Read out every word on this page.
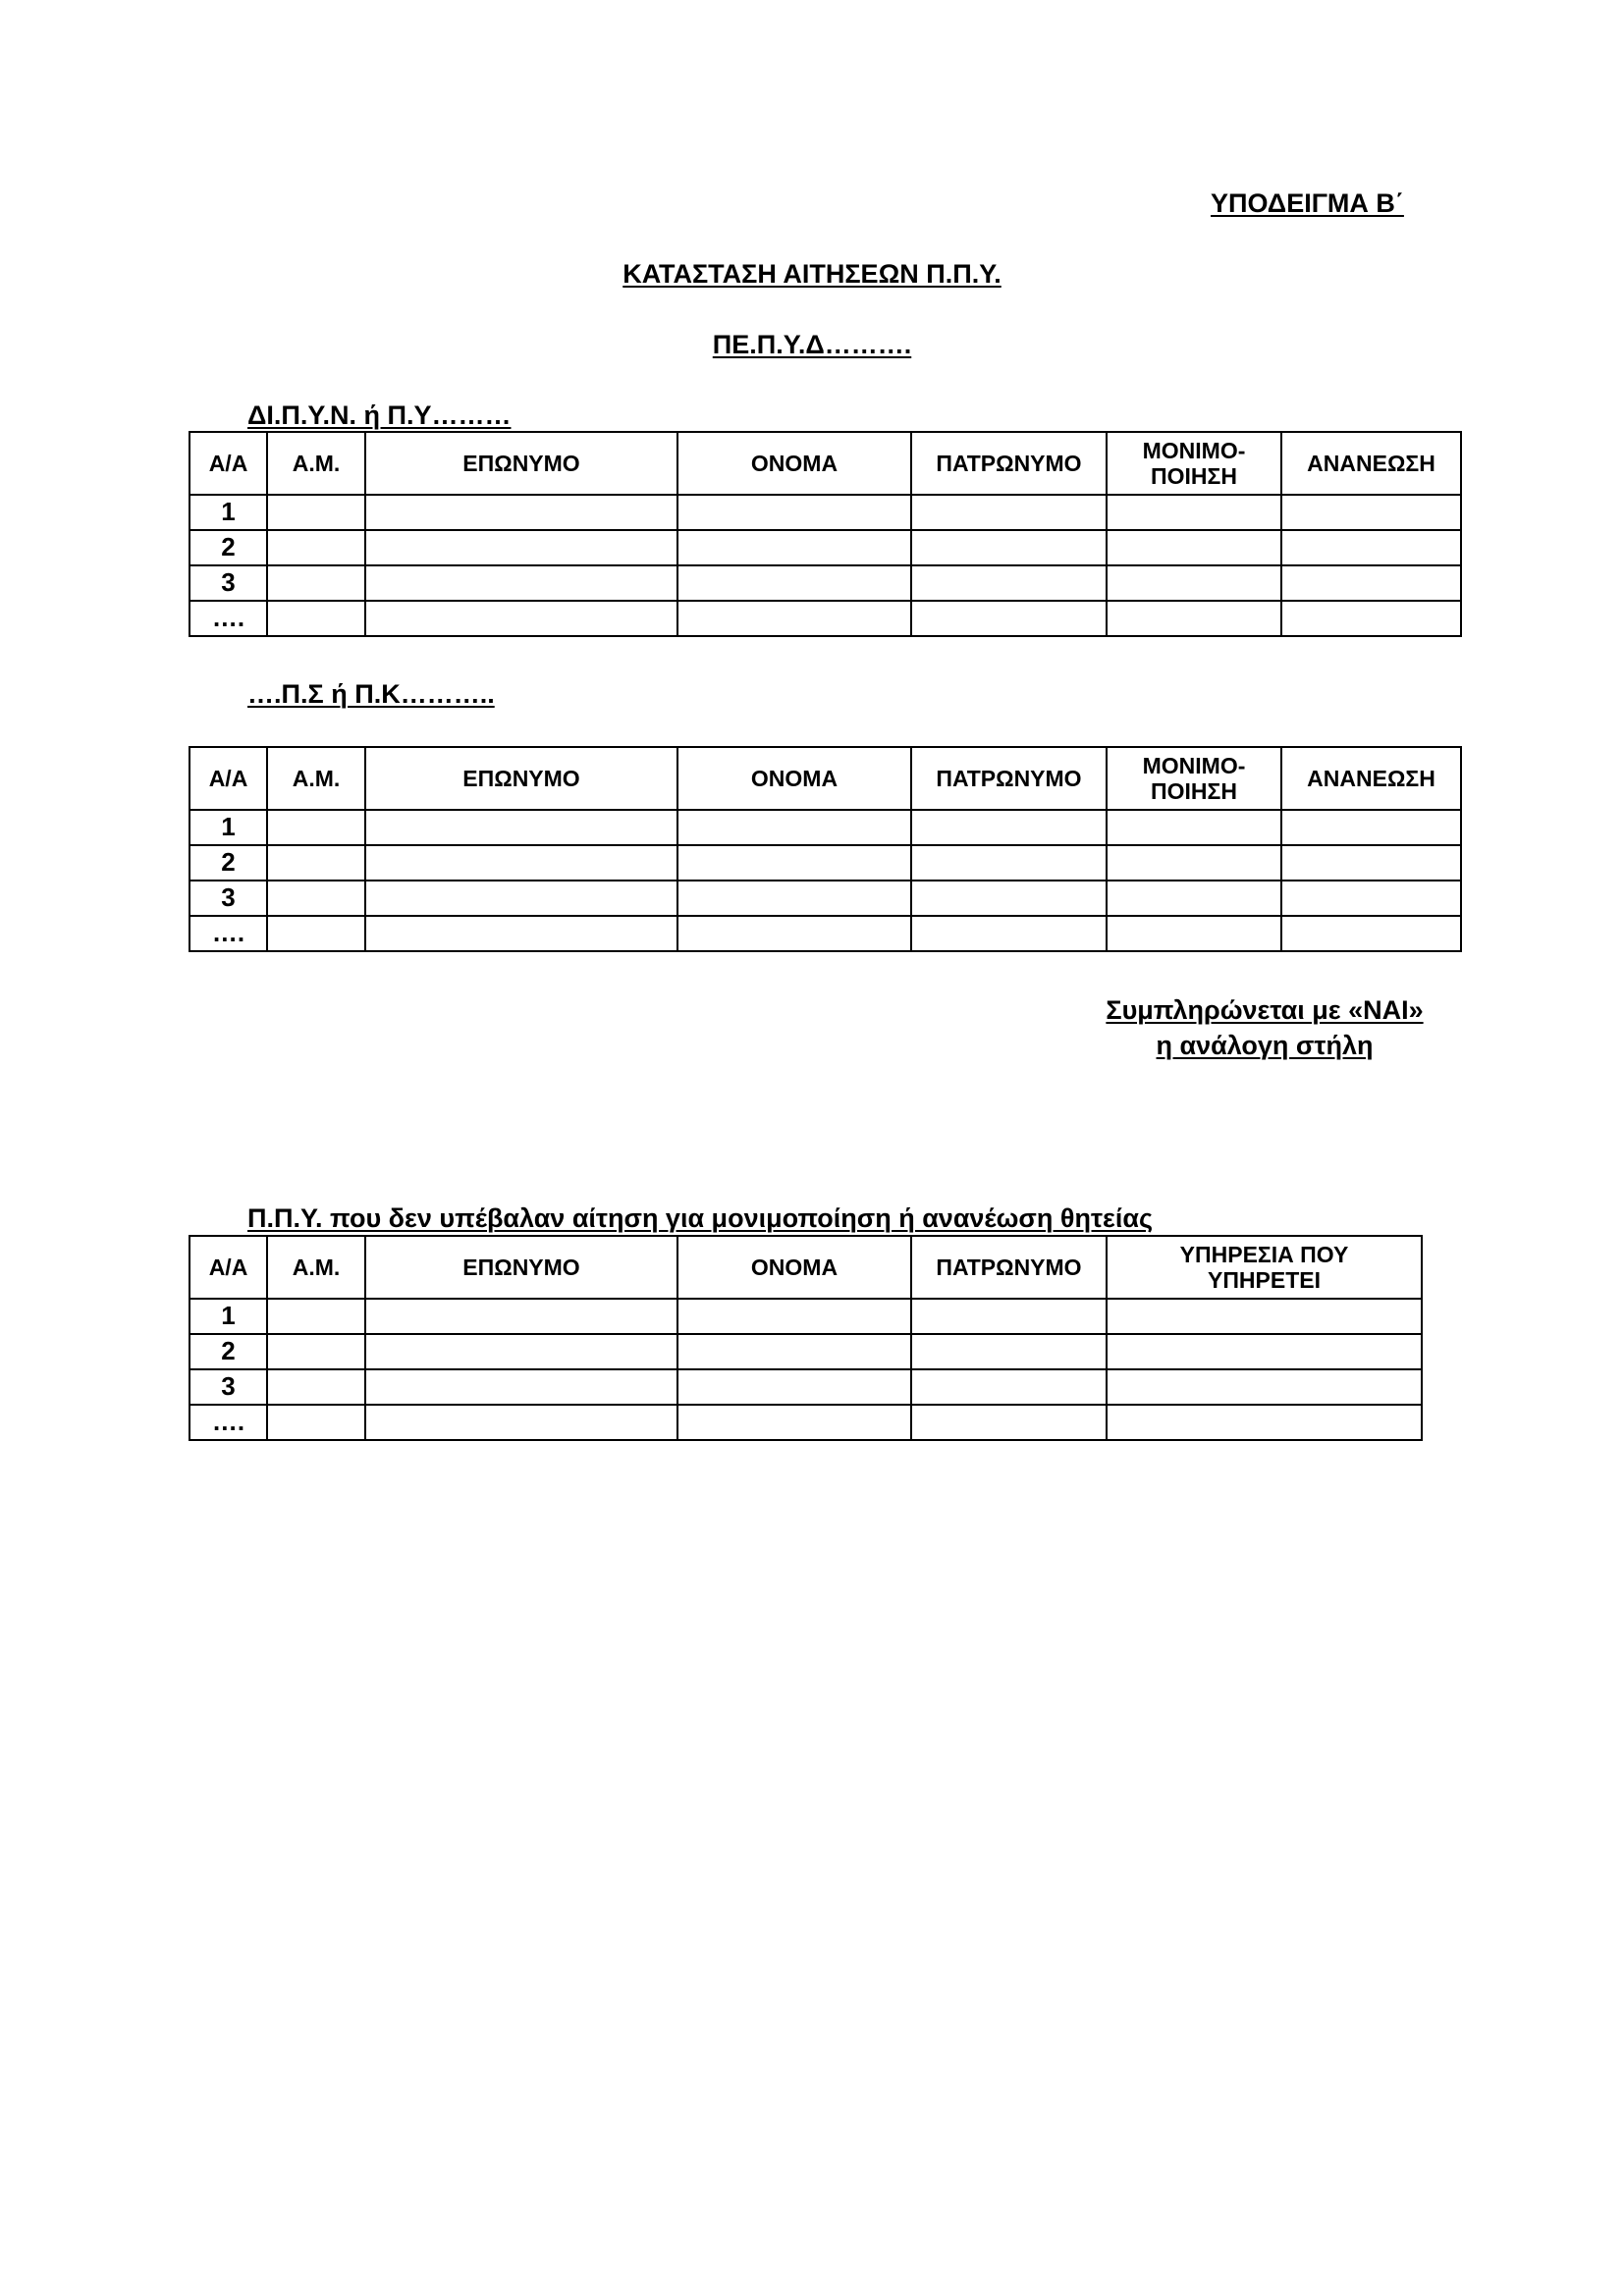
ΥΠΟΔΕΙΓΜΑ Β΄
ΚΑΤΑΣΤΑΣΗ ΑΙΤΗΣΕΩΝ Π.Π.Υ.
ΠΕ.Π.Υ.Δ……….
ΔΙ.Π.Υ.Ν. ή Π.Υ………
Α/Α	Α.Μ.	ΕΠΩΝΥΜΟ	ΟΝΟΜΑ	ΠΑΤΡΩΝΥΜΟ	ΜΟΝΙΜΟ-
ΠΟΙΗΣΗ	ΑΝΑΝΕΩΣΗ
1						
2						
3						
….						
….Π.Σ ή Π.Κ………..
Α/Α	Α.Μ.	ΕΠΩΝΥΜΟ	ΟΝΟΜΑ	ΠΑΤΡΩΝΥΜΟ	ΜΟΝΙΜΟ-
ΠΟΙΗΣΗ	ΑΝΑΝΕΩΣΗ
1						
2						
3						
….						
Συμπληρώνεται με «ΝΑΙ»
η ανάλογη στήλη
Π.Π.Υ. που δεν υπέβαλαν αίτηση για μονιμοποίηση ή ανανέωση θητείας
Α/Α	Α.Μ.	ΕΠΩΝΥΜΟ	ΟΝΟΜΑ	ΠΑΤΡΩΝΥΜΟ	ΥΠΗΡΕΣΙΑ ΠΟΥ
ΥΠΗΡΕΤΕΙ

1					
2					
3					
….					
